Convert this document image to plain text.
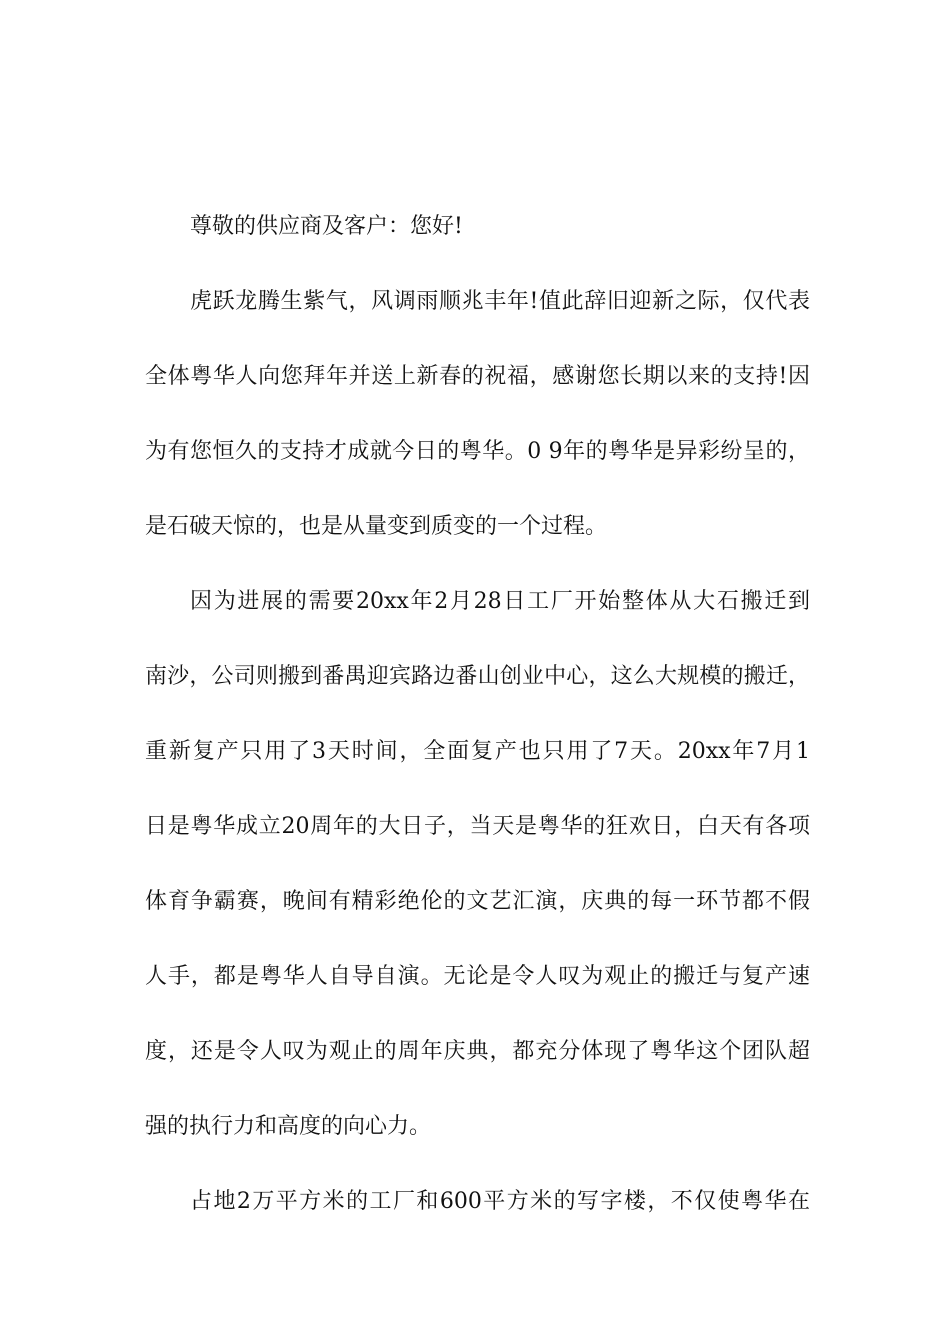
尊敬的供应商及客户：您好!
虎跃龙腾生紫气，风调雨顺兆丰年!值此辞旧迎新之际，仅代表
全体粤华人向您拜年并送上新春的祝福，感谢您长期以来的支持!因
为有您恒久的支持才成就今日的粤华。0 9年的粤华是异彩纷呈的，
是石破天惊的，也是从量变到质变的一个过程。
因为进展的需要20xx年2月28日工厂开始整体从大石搬迁到
南沙，公司则搬到番禺迎宾路边番山创业中心，这么大规模的搬迁，
重新复产只用了3天时间，全面复产也只用了7天。20xx年7月1
日是粤华成立20周年的大日子，当天是粤华的狂欢日，白天有各项
体育争霸赛，晚间有精彩绝伦的文艺汇演，庆典的每一环节都不假
人手，都是粤华人自导自演。无论是令人叹为观止的搬迁与复产速
度，还是令人叹为观止的周年庆典，都充分体现了粤华这个团队超
强的执行力和高度的向心力。
占地2万平方米的工厂和600平方米的写字楼，不仅使粤华在
